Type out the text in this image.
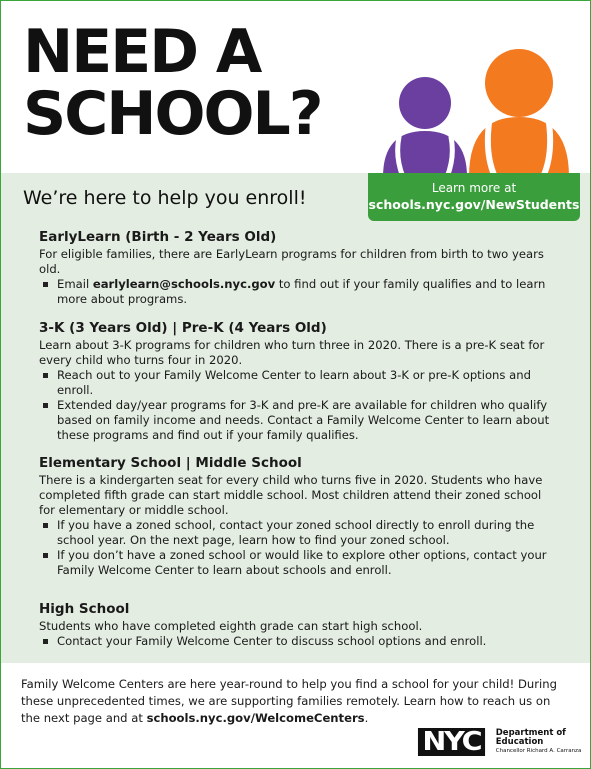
NEED A
SCHOOL?
We’re here to help you enroll!	Learn more at
schools.nyc.gov/NewStudents
EarlyLearn (Birth - 2 Years Old)

For eligible families, there are EarlyLearn programs for children from birth to two years old.

Email earlylearn@schools.nyc.gov to find out if your family qualifies and to learn more about programs.
3-K (3 Years Old) | Pre-K (4 Years Old)

Learn about 3-K programs for children who turn three in 2020. There is a pre-K seat for every child who turns four in 2020.

Reach out to your Family Welcome Center to learn about 3-K or pre-K options and enroll.
Extended day/year programs for 3-K and pre-K are available for children who qualify based on family income and needs. Contact a Family Welcome Center to learn about these programs and find out if your family qualifies.
Elementary School | Middle School

There is a kindergarten seat for every child who turns five in 2020. Students who have completed fifth grade can start middle school. Most children attend their zoned school for elementary or middle school.

If you have a zoned school, contact your zoned school directly to enroll during the school year. On the next page, learn how to find your zoned school.
If you don’t have a zoned school or would like to explore other options, contact your Family Welcome Center to learn about schools and enroll.
High School

Students who have completed eighth grade can start high school.

Contact your Family Welcome Center to discuss school options and enroll.
Family Welcome Centers are here year-round to help you find a school for your child! During these unprecedented times, we are supporting families remotely. Learn how to reach us on the next page and at schools.nyc.gov/WelcomeCenters.
NYC	Department of
Education
Chancellor Richard A. Carranza
